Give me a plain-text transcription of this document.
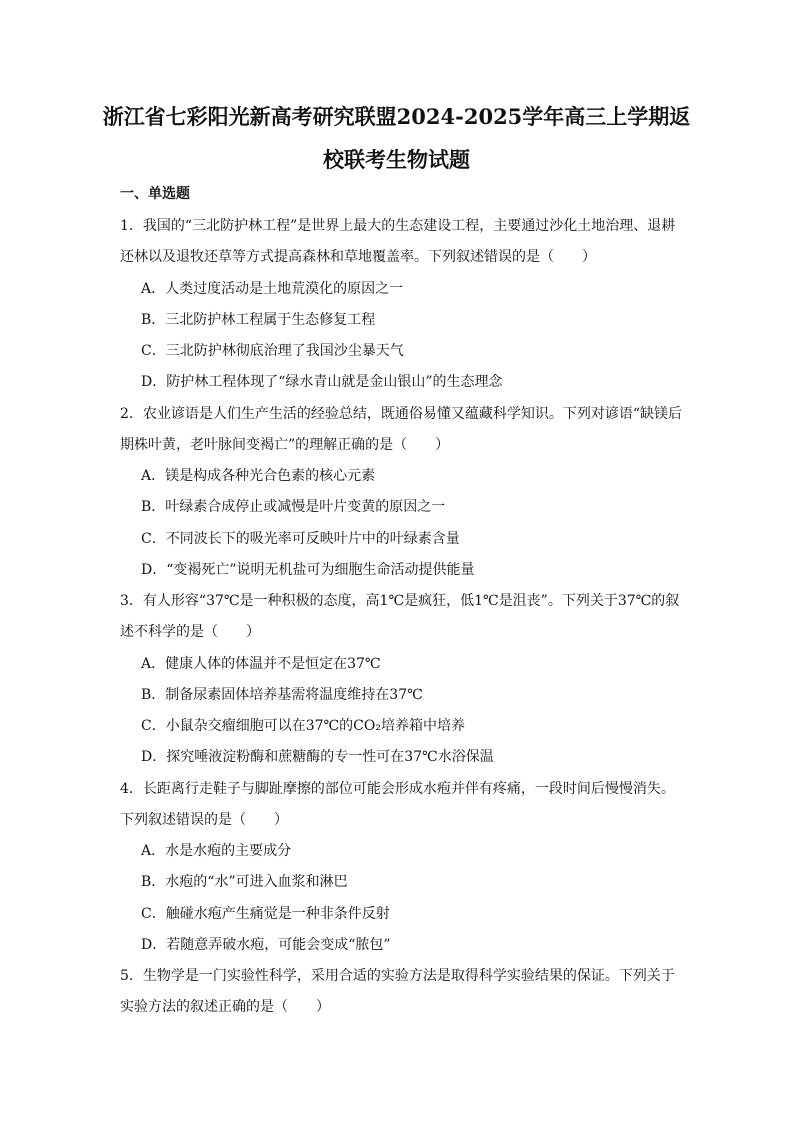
浙江省七彩阳光新高考研究联盟2024-2025学年高三上学期返
校联考生物试题
一、单选题
1．我国的“三北防护林工程”是世界上最大的生态建设工程，主要通过沙化土地治理、退耕
还林以及退牧还草等方式提高森林和草地覆盖率。下列叙述错误的是（　　）
A．人类过度活动是土地荒漠化的原因之一
B．三北防护林工程属于生态修复工程
C．三北防护林彻底治理了我国沙尘暴天气
D．防护林工程体现了“绿水青山就是金山银山”的生态理念
2．农业谚语是人们生产生活的经验总结，既通俗易懂又蕴藏科学知识。下列对谚语“缺镁后
期株叶黄，老叶脉间变褐亡”的理解正确的是（　　）
A．镁是构成各种光合色素的核心元素
B．叶绿素合成停止或减慢是叶片变黄的原因之一
C．不同波长下的吸光率可反映叶片中的叶绿素含量
D．“变褐死亡”说明无机盐可为细胞生命活动提供能量
3．有人形容“37℃是一种积极的态度，高1℃是疯狂，低1℃是沮丧”。下列关于37℃的叙
述不科学的是（　　）
A．健康人体的体温并不是恒定在37℃
B．制备尿素固体培养基需将温度维持在37℃
C．小鼠杂交瘤细胞可以在37℃的CO₂培养箱中培养
D．探究唾液淀粉酶和蔗糖酶的专一性可在37℃水浴保温
4．长距离行走鞋子与脚趾摩擦的部位可能会形成水疱并伴有疼痛，一段时间后慢慢消失。
下列叙述错误的是（　　）
A．水是水疱的主要成分
B．水疱的“水”可进入血浆和淋巴
C．触碰水疱产生痛觉是一种非条件反射
D．若随意弄破水疱，可能会变成“脓包”
5．生物学是一门实验性科学，采用合适的实验方法是取得科学实验结果的保证。下列关于
实验方法的叙述正确的是（　　）
